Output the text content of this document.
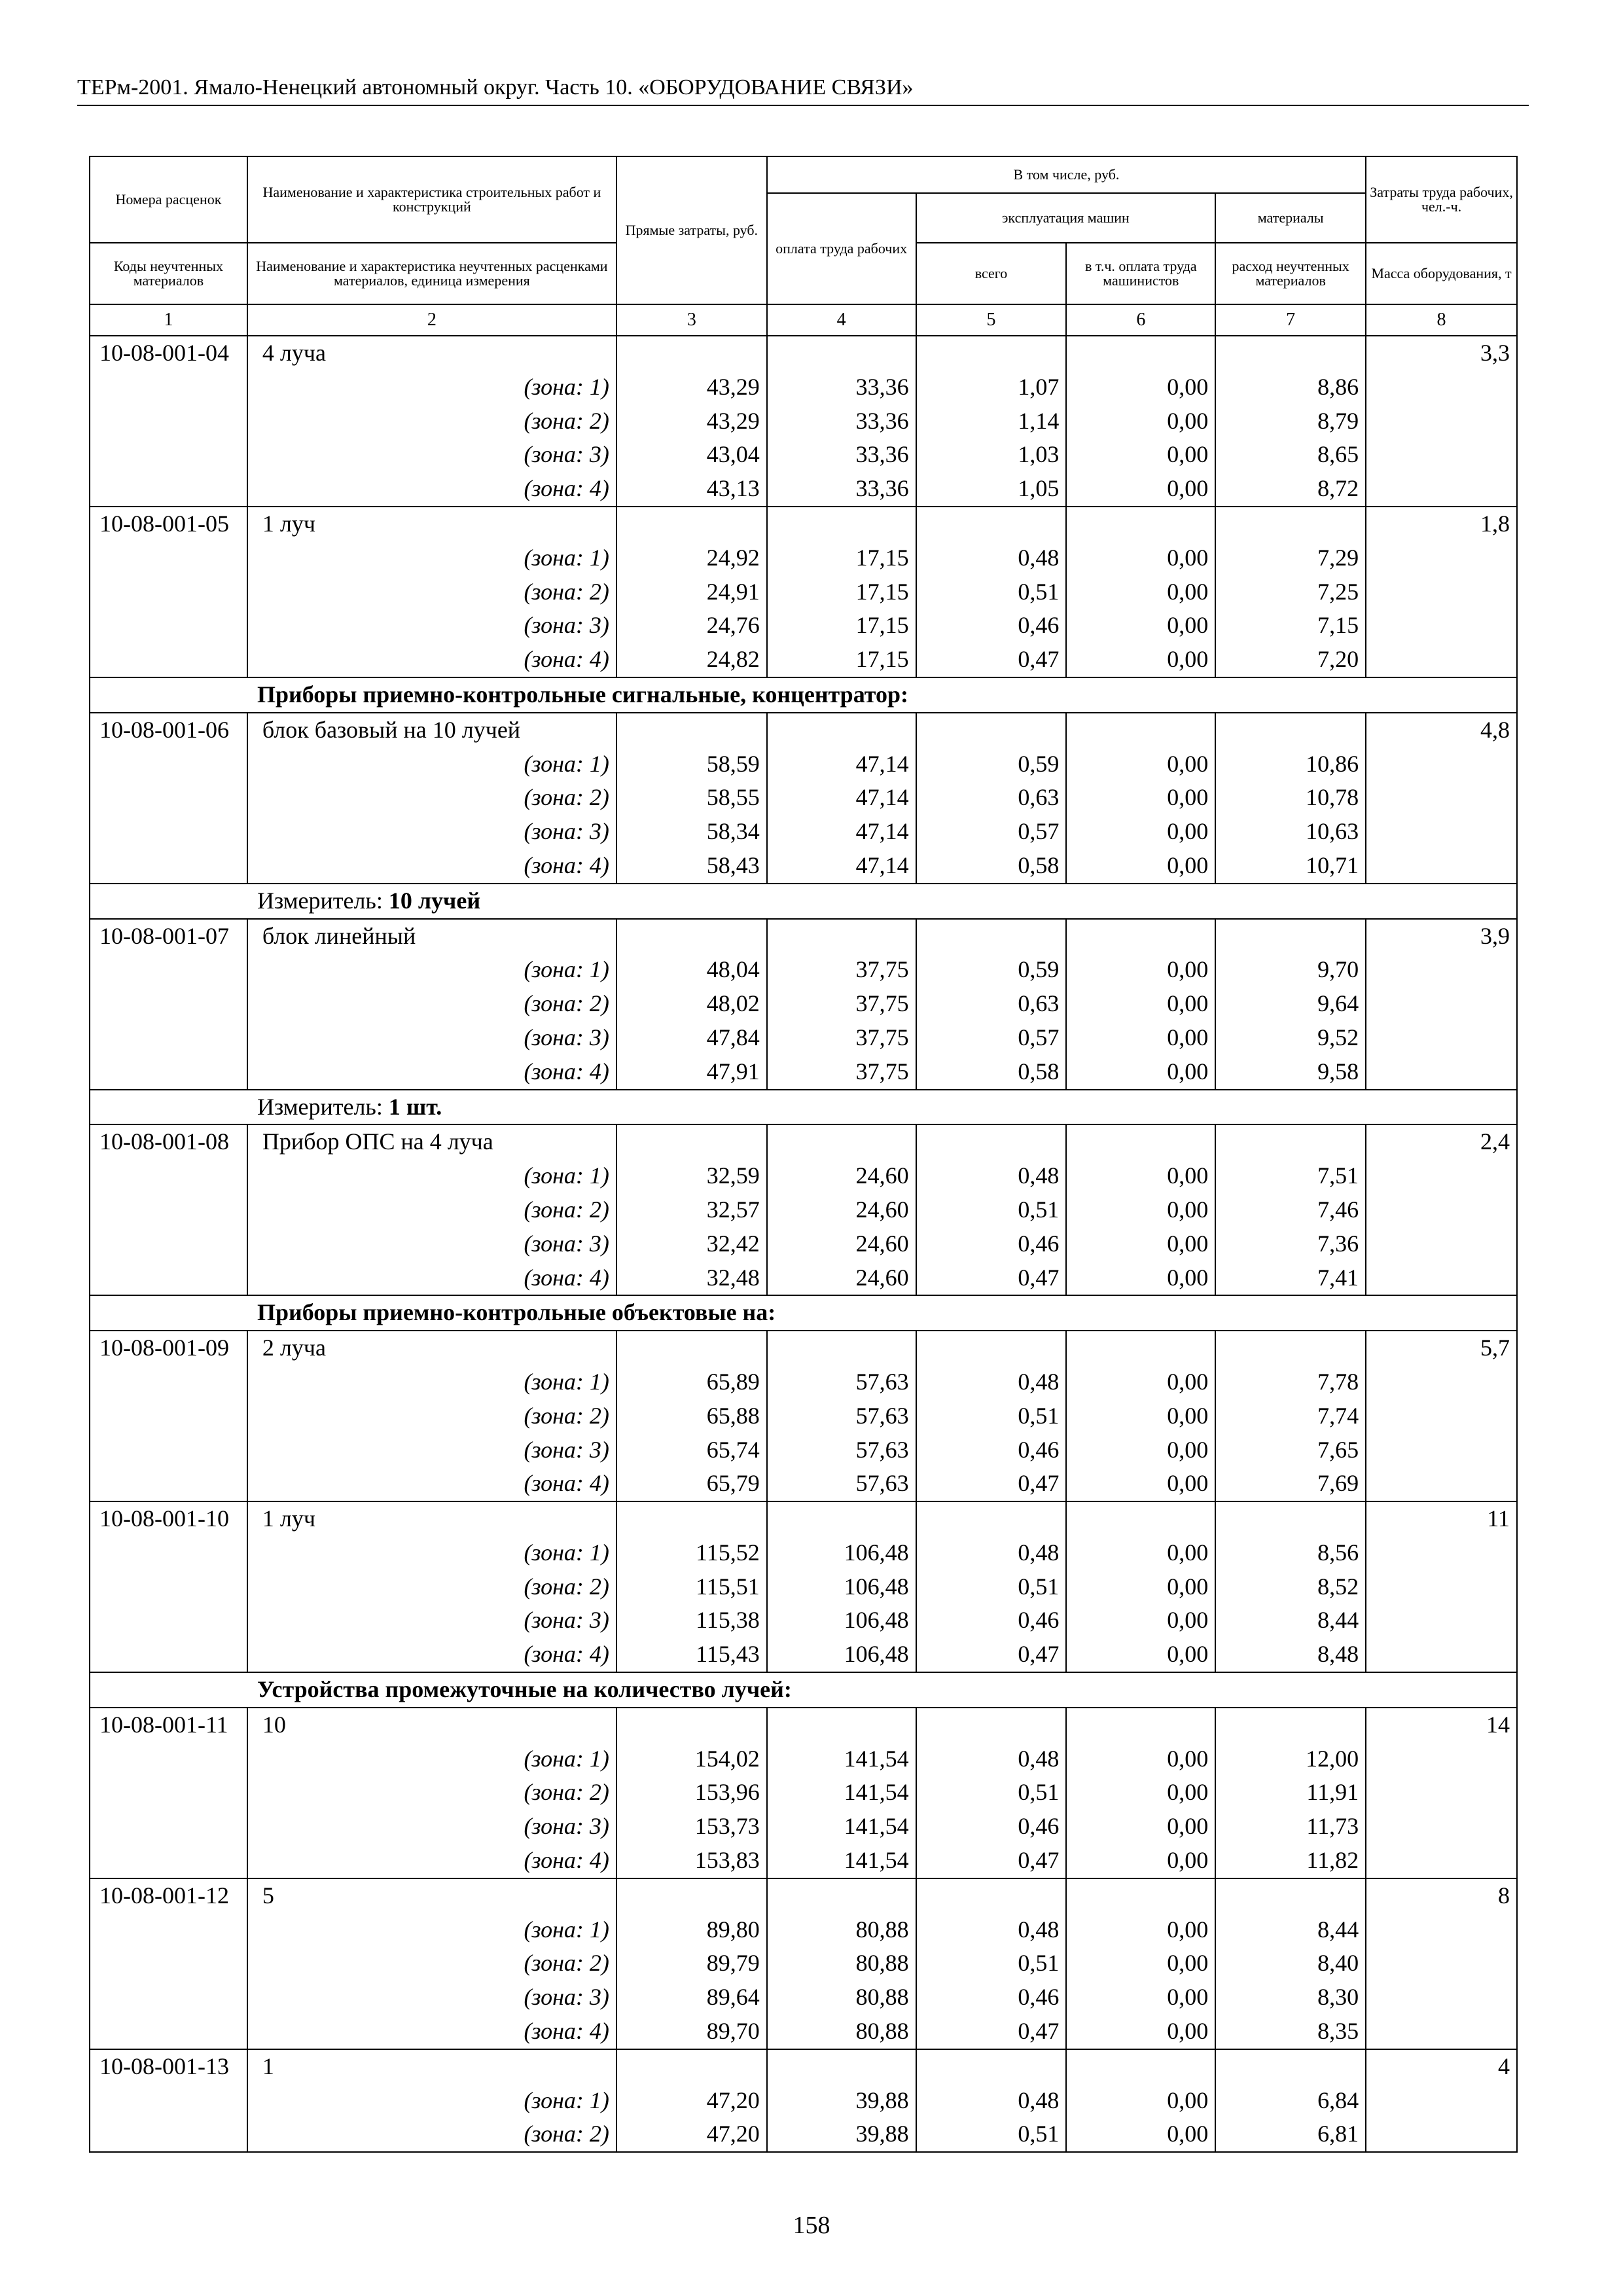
ТЕРм-2001. Ямало-Ненецкий автономный округ. Часть 10. «ОБОРУДОВАНИЕ СВЯЗИ»
Номера расценок	Наименование и характеристика строительных работ и конструкций	Прямые затраты, руб.	В том числе, руб.				Затраты труда рабочих, чел.-ч.
			оплата труда рабочих	эксплуатация машин		материалы	
Коды неучтенных материалов	Наименование и характеристика неучтенных расценками материалов, единица измерения			всего	в т.ч. оплата труда машинистов	расход неучтенных материалов	Масса оборудования, т
1	2	3	4	5	6	7	8
10-08-001-04	4 луча						3,3
	(зона: 1)	43,29	33,36	1,07	0,00	8,86	
	(зона: 2)	43,29	33,36	1,14	0,00	8,79	
	(зона: 3)	43,04	33,36	1,03	0,00	8,65	
	(зона: 4)	43,13	33,36	1,05	0,00	8,72	
10-08-001-05	1 луч						1,8
	(зона: 1)	24,92	17,15	0,48	0,00	7,29	
	(зона: 2)	24,91	17,15	0,51	0,00	7,25	
	(зона: 3)	24,76	17,15	0,46	0,00	7,15	
	(зона: 4)	24,82	17,15	0,47	0,00	7,20	
Приборы приемно-контрольные сигнальные, концентратор:							
10-08-001-06	блок базовый на 10 лучей						4,8
	(зона: 1)	58,59	47,14	0,59	0,00	10,86	
	(зона: 2)	58,55	47,14	0,63	0,00	10,78	
	(зона: 3)	58,34	47,14	0,57	0,00	10,63	
	(зона: 4)	58,43	47,14	0,58	0,00	10,71	
Измеритель: 10 лучей							
10-08-001-07	блок линейный						3,9
	(зона: 1)	48,04	37,75	0,59	0,00	9,70	
	(зона: 2)	48,02	37,75	0,63	0,00	9,64	
	(зона: 3)	47,84	37,75	0,57	0,00	9,52	
	(зона: 4)	47,91	37,75	0,58	0,00	9,58	
Измеритель: 1 шт.							
10-08-001-08	Прибор ОПС на 4 луча						2,4
	(зона: 1)	32,59	24,60	0,48	0,00	7,51	
	(зона: 2)	32,57	24,60	0,51	0,00	7,46	
	(зона: 3)	32,42	24,60	0,46	0,00	7,36	
	(зона: 4)	32,48	24,60	0,47	0,00	7,41	
Приборы приемно-контрольные объектовые на:							
10-08-001-09	2 луча						5,7
	(зона: 1)	65,89	57,63	0,48	0,00	7,78	
	(зона: 2)	65,88	57,63	0,51	0,00	7,74	
	(зона: 3)	65,74	57,63	0,46	0,00	7,65	
	(зона: 4)	65,79	57,63	0,47	0,00	7,69	
10-08-001-10	1 луч						11
	(зона: 1)	115,52	106,48	0,48	0,00	8,56	
	(зона: 2)	115,51	106,48	0,51	0,00	8,52	
	(зона: 3)	115,38	106,48	0,46	0,00	8,44	
	(зона: 4)	115,43	106,48	0,47	0,00	8,48	
Устройства промежуточные на количество лучей:							
10-08-001-11	10						14
	(зона: 1)	154,02	141,54	0,48	0,00	12,00	
	(зона: 2)	153,96	141,54	0,51	0,00	11,91	
	(зона: 3)	153,73	141,54	0,46	0,00	11,73	
	(зона: 4)	153,83	141,54	0,47	0,00	11,82	
10-08-001-12	5						8
	(зона: 1)	89,80	80,88	0,48	0,00	8,44	
	(зона: 2)	89,79	80,88	0,51	0,00	8,40	
	(зона: 3)	89,64	80,88	0,46	0,00	8,30	
	(зона: 4)	89,70	80,88	0,47	0,00	8,35	
10-08-001-13	1						4
	(зона: 1)	47,20	39,88	0,48	0,00	6,84	
	(зона: 2)	47,20	39,88	0,51	0,00	6,81	
158
